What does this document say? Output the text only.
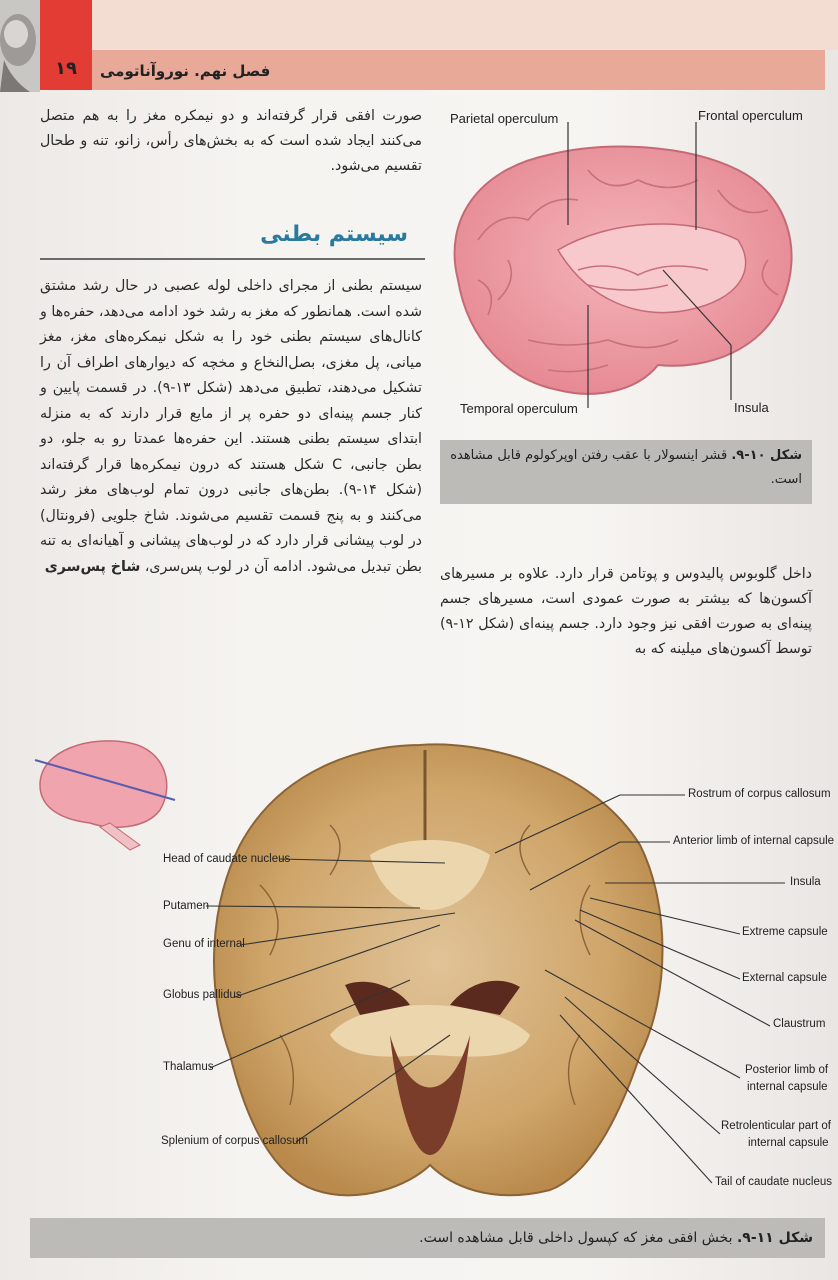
۱۹	فصل نهم. نوروآناتومی
Parietal operculum	Frontal operculum
Temporal operculum	Insula
شکل ۱۰-۹. قشر اینسولار با عقب رفتن اوپرکولوم قابل مشاهده است.
صورت افقی قرار گرفته‌اند و دو نیمکره مغز را به هم متصل می‌کنند ایجاد شده است که به بخش‌های رأس، زانو، تنه و طحال تقسیم می‌شود.
سیستم بطنی
سیستم بطنی از مجرای داخلی لوله عصبی در حال رشد مشتق شده است. همانطور که مغز به رشد خود ادامه می‌دهد، حفره‌ها و کانال‌های سیستم بطنی خود را به شکل نیمکره‌های مغز، مغز میانی، پل مغزی، بصل‌النخاع و مخچه که دیوارهای اطراف آن را تشکیل می‌دهند، تطبیق می‌دهد (شکل ۱۳-۹). در قسمت پایین و کنار جسم پینه‌ای دو حفره پر از مایع قرار دارند که به منزله ابتدای سیستم بطنی هستند. این حفره‌ها عمدتا رو به جلو، دو بطن جانبی، C شکل هستند که درون نیمکره‌ها قرار گرفته‌اند (شکل ۱۴-۹). بطن‌های جانبی درون تمام لوب‌های مغز رشد می‌کنند و به پنج قسمت تقسیم می‌شوند. شاخ جلویی (فرونتال) در لوب پیشانی قرار دارد که در لوب‌های پیشانی و آهیانه‌ای به تنه بطن تبدیل می‌شود. ادامه آن در لوب پس‌سری، شاخ پس‌سری	داخل گلوبوس پالیدوس و پوتامن قرار دارد. علاوه بر مسیرهای آکسون‌ها که بیشتر به صورت عمودی است، مسیرهای جسم پینه‌ای به صورت افقی نیز وجود دارد. جسم پینه‌ای (شکل ۱۲-۹) توسط آکسون‌های میلینه که به
Head of caudate nucleus
Putamen
Genu of internal
Globus pallidus
Thalamus
Splenium of corpus callosum
Rostrum of corpus callosum
Anterior limb of internal capsule
Insula
Extreme capsule
External capsule
Claustrum
Posterior limb of
internal capsule
Retrolenticular part of
internal capsule
Tail of caudate nucleus
شکل ۱۱-۹. بخش افقی مغز که کپسول داخلی قابل مشاهده است.
